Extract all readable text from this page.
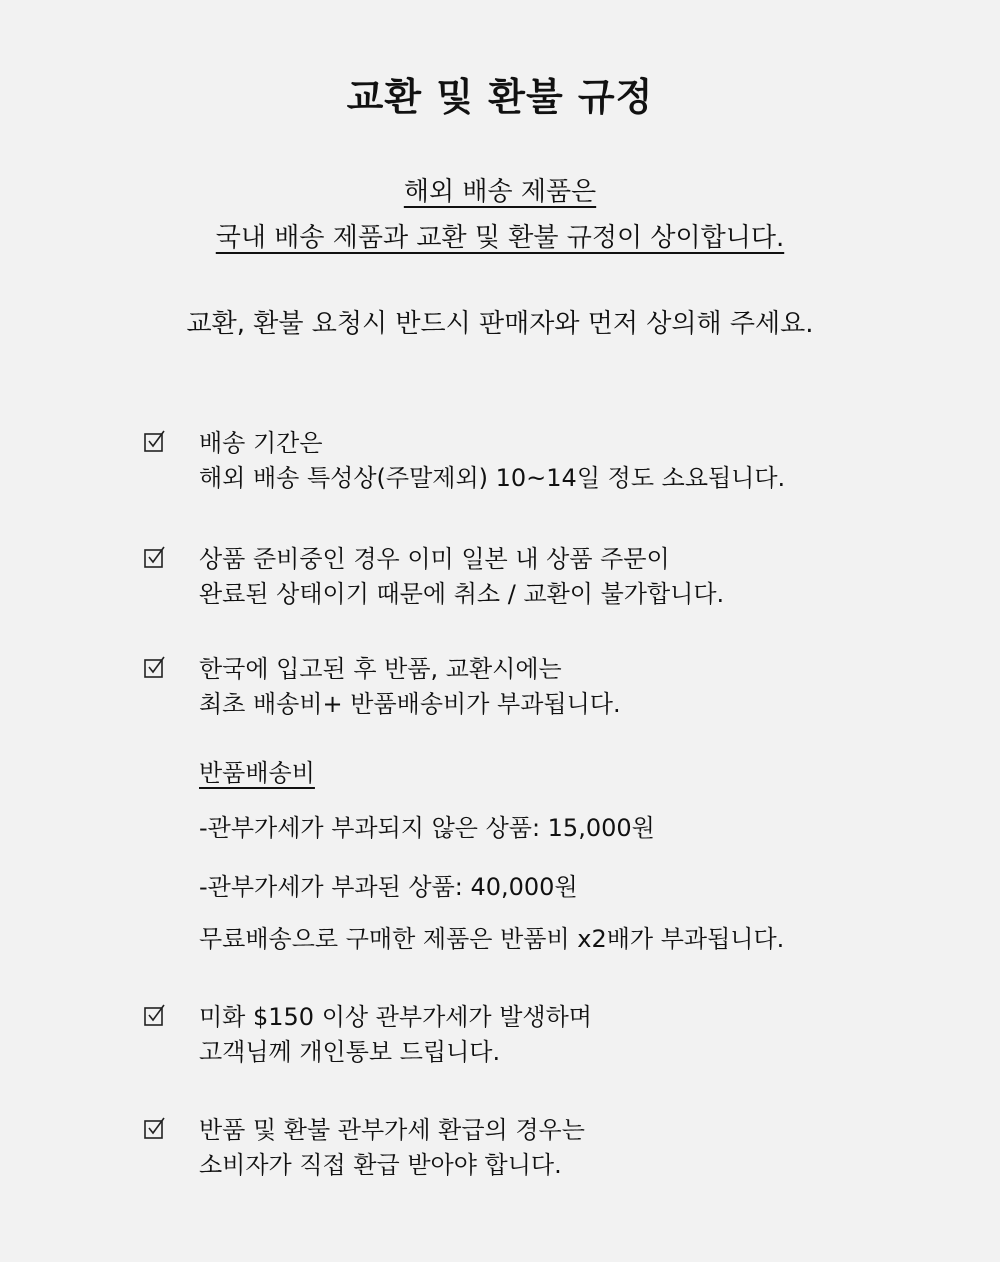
교환 및 환불 규정
해외 배송 제품은
국내 배송 제품과 교환 및 환불 규정이 상이합니다.
교환, 환불 요청시 반드시 판매자와 먼저 상의해 주세요.
배송 기간은
해외 배송 특성상(주말제외) 10~14일 정도 소요됩니다.
상품 준비중인 경우 이미 일본 내 상품 주문이
완료된 상태이기 때문에 취소 / 교환이 불가합니다.
한국에 입고된 후 반품, 교환시에는
최초 배송비+ 반품배송비가 부과됩니다.
반품배송비
-관부가세가 부과되지 않은 상품: 15,000원
-관부가세가 부과된 상품: 40,000원
무료배송으로 구매한 제품은 반품비 x2배가 부과됩니다.
미화 $150 이상 관부가세가 발생하며
고객님께 개인통보 드립니다.
반품 및 환불 관부가세 환급의 경우는
소비자가 직접 환급 받아야 합니다.
